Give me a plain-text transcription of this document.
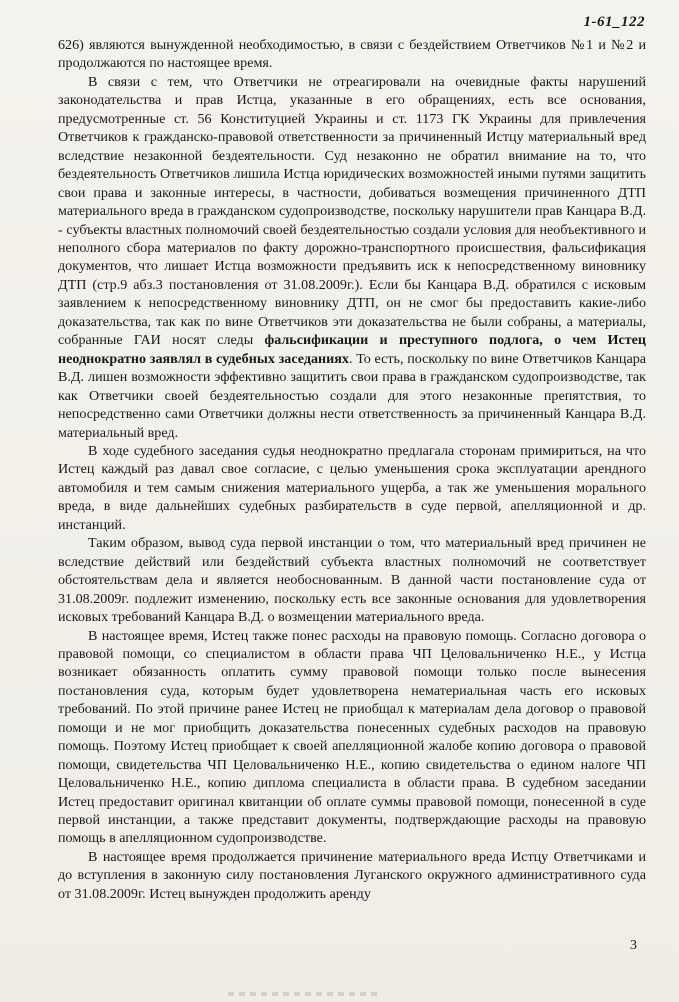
1-61_122

626) являются вынужденной необходимостью, в связи с бездействием Ответчиков №1 и №2 и продолжаются по настоящее время.

В связи с тем, что Ответчики не отреагировали на очевидные факты нарушений законодательства и прав Истца, указанные в его обращениях, есть все основания, предусмотренные ст. 56 Конституцией Украины и ст. 1173 ГК Украины для привлечения Ответчиков к гражданско-правовой ответственности за причиненный Истцу материальный вред вследствие незаконной бездеятельности. Суд незаконно не обратил внимание на то, что бездеятельность Ответчиков лишила Истца юридических возможностей иными путями защитить свои права и законные интересы, в частности, добиваться возмещения причиненного ДТП материального вреда в гражданском судопроизводстве, поскольку нарушители прав Канцара В.Д. - субъекты властных полномочий своей бездеятельностью создали условия для необъективного и неполного сбора материалов по факту дорожно-транспортного происшествия, фальсификация документов, что лишает Истца возможности предъявить иск к непосредственному виновнику ДТП (стр.9 абз.3 постановления от 31.08.2009г.). Если бы Канцара В.Д. обратился с исковым заявлением к непосредственному виновнику ДТП, он не смог бы предоставить какие-либо доказательства, так как по вине Ответчиков эти доказательства не были собраны, а материалы, собранные ГАИ носят следы фальсификации и преступного подлога, о чем Истец неоднократно заявлял в судебных заседаниях. То есть, поскольку по вине Ответчиков Канцара В.Д. лишен возможности эффективно защитить свои права в гражданском судопроизводстве, так как Ответчики своей бездеятельностью создали для этого незаконные препятствия, то непосредственно сами Ответчики должны нести ответственность за причиненный Канцара В.Д. материальный вред.

В ходе судебного заседания судья неоднократно предлагала сторонам примириться, на что Истец каждый раз давал свое согласие, с целью уменьшения срока эксплуатации арендного автомобиля и тем самым снижения материального ущерба, а так же уменьшения морального вреда, в виде дальнейших судебных разбирательств в суде первой, апелляционной и др. инстанций.

Таким образом, вывод суда первой инстанции о том, что материальный вред причинен не вследствие действий или бездействий субъекта властных полномочий не соответствует обстоятельствам дела и является необоснованным. В данной части постановление суда от 31.08.2009г. подлежит изменению, поскольку есть все законные основания для удовлетворения исковых требований Канцара В.Д. о возмещении материального вреда.

В настоящее время, Истец также понес расходы на правовую помощь. Согласно договора о правовой помощи, со специалистом в области права ЧП Целовальниченко Н.Е., у Истца возникает обязанность оплатить сумму правовой помощи только после вынесения постановления суда, которым будет удовлетворена нематериальная часть его исковых требований. По этой причине ранее Истец не приобщал к материалам дела договор о правовой помощи и не мог приобщить доказательства понесенных судебных расходов на правовую помощь. Поэтому Истец приобщает к своей апелляционной жалобе копию договора о правовой помощи, свидетельства ЧП Целовальниченко Н.Е., копию свидетельства о едином налоге ЧП Целовальниченко Н.Е., копию диплома специалиста в области права. В судебном заседании Истец предоставит оригинал квитанции об оплате суммы правовой помощи, понесенной в суде первой инстанции, а также представит документы, подтверждающие расходы на правовую помощь в апелляционном судопроизводстве.

В настоящее время продолжается причинение материального вреда Истцу Ответчиками и до вступления в законную силу постановления Луганского окружного административного суда от 31.08.2009г. Истец вынужден продолжить аренду

3
